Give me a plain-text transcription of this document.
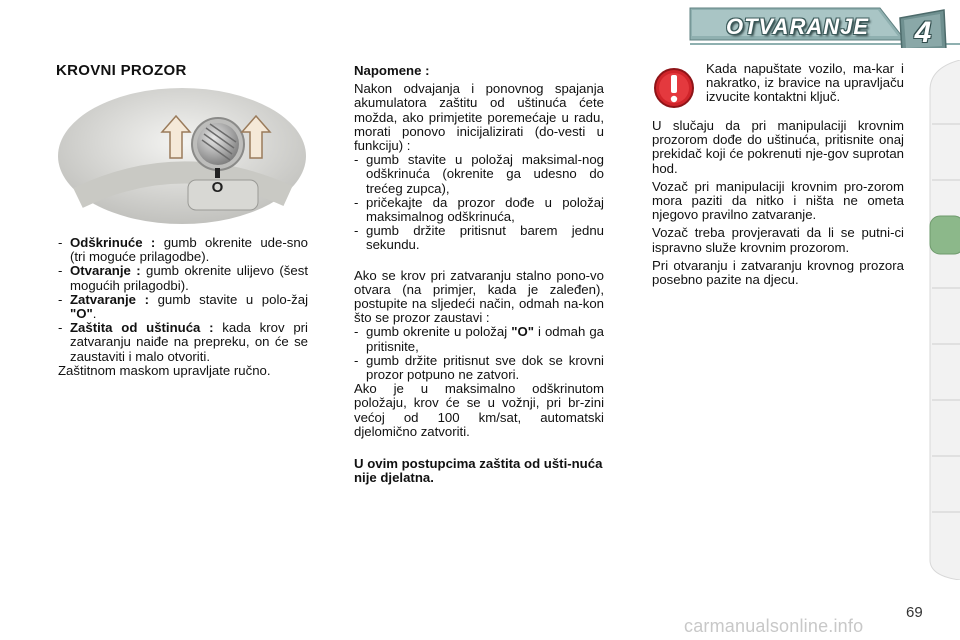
OTVARANJE 4
KROVNI PROZOR
O
- Odškrinuće : gumb okrenite ude-sno (tri moguće prilagodbe).
- Otvaranje : gumb okrenite ulijevo (šest mogućih prilagodbi).
- Zatvaranje : gumb stavite u polo-žaj "O".
- Zaštita od uštinuća : kada krov pri zatvaranju naiđe na prepreku, on će se zaustaviti i malo otvoriti.

Zaštitnom maskom upravljate ručno.

Napomene :

Nakon odvajanja i ponovnog spajanja akumulatora zaštitu od uštinuća ćete možda, ako primjetite poremećaje u radu, morati ponovo inicijalizirati (do-vesti u funkciju) :

- gumb stavite u položaj maksimal-nog odškrinuća (okrenite ga udesno do trećeg zupca),
- pričekajte da prozor dođe u položaj maksimalnog odškrinuća,
- gumb držite pritisnut barem jednu sekundu.

Ako se krov pri zatvaranju stalno pono-vo otvara (na primjer, kada je zaleđen), postupite na sljedeći način, odmah na-kon što se prozor zaustavi :

- gumb okrenite u položaj "O" i odmah ga pritisnite,
- gumb držite pritisnut sve dok se krovni prozor potpuno ne zatvori.

Ako je u maksimalno odškrinutom položaju, krov će se u vožnji, pri br-zini većoj od 100 km/sat, automatski djelomično zatvoriti.

U ovim postupcima zaštita od ušti-nuća nije djelatna.

Kada napuštate vozilo, ma-kar i nakratko, iz bravice na upravljaču izvucite kontaktni ključ.

U slučaju da pri manipulaciji krovnim prozorom dođe do uštinuća, pritisnite onaj prekidač koji će pokrenuti nje-gov suprotan hod.

Vozač pri manipulaciji krovnim pro-zorom mora paziti da nitko i ništa ne ometa njegovo pravilno zatvaranje.

Vozač treba provjeravati da li se putni-ci ispravno služe krovnim prozorom.

Pri otvaranju i zatvaranju krovnog prozora posebno pazite na djecu.

69
carmanualsonline.info
